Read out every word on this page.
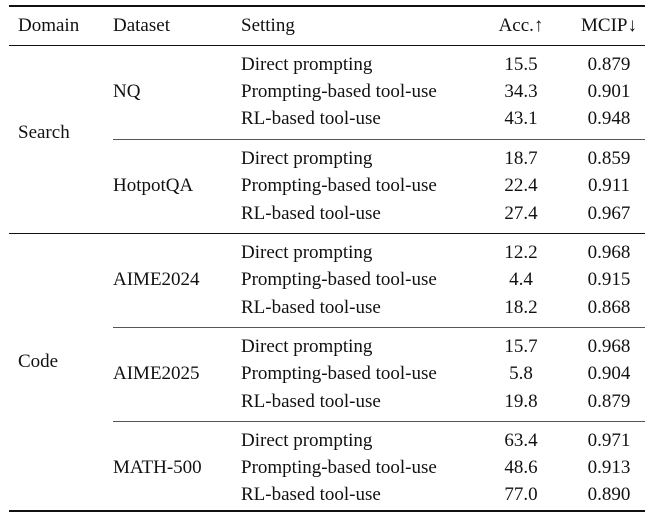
Domain Dataset	Setting	Acc.↑	MCIP↓
Search
NQ
Direct prompting	15.5	0.879
Prompting-based tool-use	34.3	0.901
RL-based tool-use	43.1	0.948
HotpotQA
Direct prompting	18.7	0.859
Prompting-based tool-use	22.4	0.911
RL-based tool-use	27.4	0.967
Code
AIME2024
Direct prompting	12.2	0.968
Prompting-based tool-use	4.4	0.915
RL-based tool-use	18.2	0.868
AIME2025
Direct prompting	15.7	0.968
Prompting-based tool-use	5.8	0.904
RL-based tool-use	19.8	0.879
MATH-500
Direct prompting	63.4	0.971
Prompting-based tool-use	48.6	0.913
RL-based tool-use	77.0	0.890
